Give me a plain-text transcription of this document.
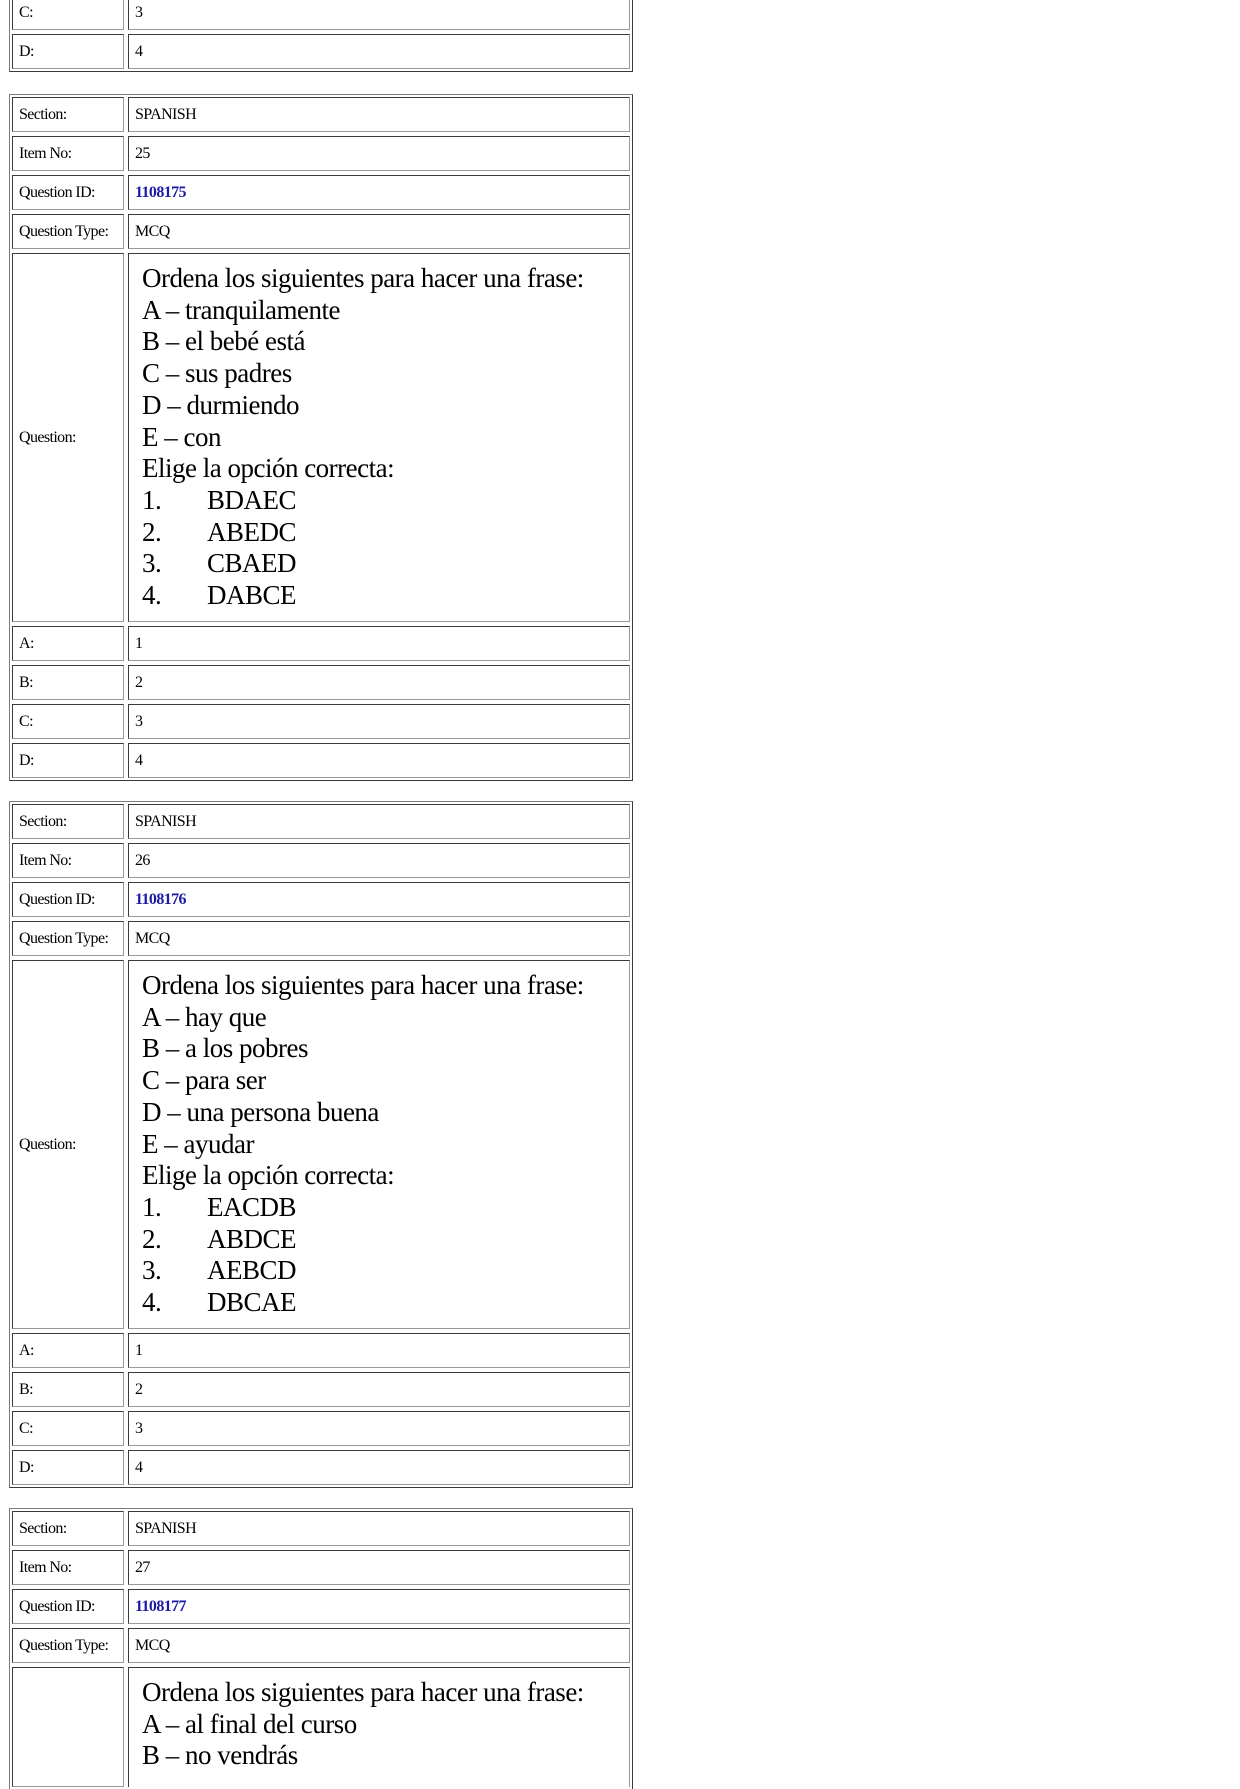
C:	3
D:	4
Section:	SPANISH
Item No:	25
Question ID:	1108175
Question Type:	MCQ
Question:
Ordena los siguientes para hacer una frase:
A – tranquilamente
B – el bebé está
C – sus padres
D – durmiendo
E – con
Elige la opción correcta:
1.	BDAEC
2.	ABEDC
3.	CBAED
4.	DABCE
A:	1
B:	2
C:	3
D:	4
Section:	SPANISH
Item No:	26
Question ID:	1108176
Question Type:	MCQ
Question:
Ordena los siguientes para hacer una frase:
A – hay que
B – a los pobres
C – para ser
D – una persona buena
E – ayudar
Elige la opción correcta:
1.	EACDB
2.	ABDCE
3.	AEBCD
4.	DBCAE
A:	1
B:	2
C:	3
D:	4
Section:	SPANISH
Item No:	27
Question ID:	1108177
Question Type:	MCQ
Ordena los siguientes para hacer una frase:
A – al final del curso
B – no vendrás
